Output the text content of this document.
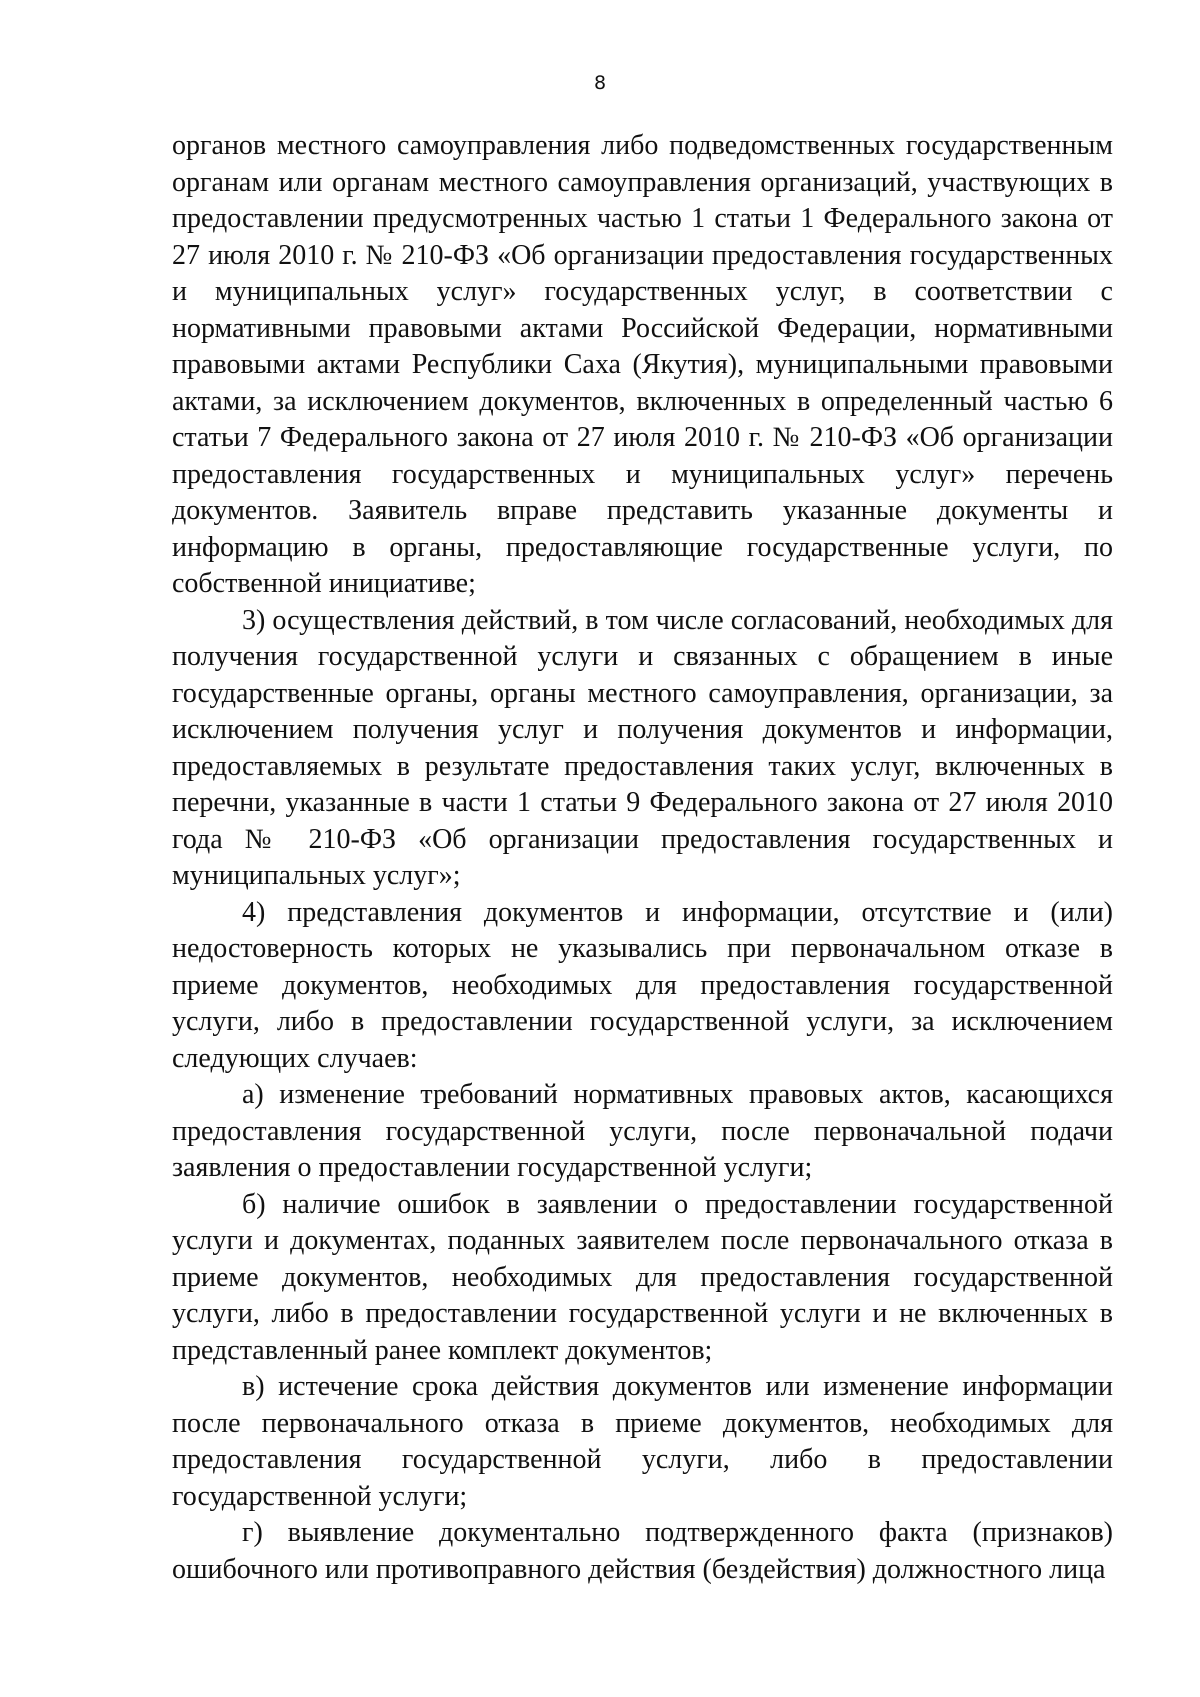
8

органов местного самоуправления либо подведомственных государственным органам или органам местного самоуправления организаций, участвующих в предоставлении предусмотренных частью 1 статьи 1 Федерального закона от 27 июля 2010 г. № 210-ФЗ «Об организации предоставления государственных и муниципальных услуг» государственных услуг, в соответствии с нормативными правовыми актами Российской Федерации, нормативными правовыми актами Республики Саха (Якутия), муниципальными правовыми актами, за исключением документов, включенных в определенный частью 6 статьи 7 Федерального закона от 27 июля 2010 г. № 210-ФЗ «Об организации предоставления государственных и муниципальных услуг» перечень документов. Заявитель вправе представить указанные документы и информацию в органы, предоставляющие государственные услуги, по собственной инициативе;

3) осуществления действий, в том числе согласований, необходимых для получения государственной услуги и связанных с обращением в иные государственные органы, органы местного самоуправления, организации, за исключением получения услуг и получения документов и информации, предоставляемых в результате предоставления таких услуг, включенных в перечни, указанные в части 1 статьи 9 Федерального закона от 27 июля 2010 года № 210-ФЗ «Об организации предоставления государственных и муниципальных услуг»;

4) представления документов и информации, отсутствие и (или) недостоверность которых не указывались при первоначальном отказе в приеме документов, необходимых для предоставления государственной услуги, либо в предоставлении государственной услуги, за исключением следующих случаев:

а) изменение требований нормативных правовых актов, касающихся предоставления государственной услуги, после первоначальной подачи заявления о предоставлении государственной услуги;

б) наличие ошибок в заявлении о предоставлении государственной услуги и документах, поданных заявителем после первоначального отказа в приеме документов, необходимых для предоставления государственной услуги, либо в предоставлении государственной услуги и не включенных в представленный ранее комплект документов;

в) истечение срока действия документов или изменение информации после первоначального отказа в приеме документов, необходимых для предоставления государственной услуги, либо в предоставлении государственной услуги;

г) выявление документально подтвержденного факта (признаков) ошибочного или противоправного действия (бездействия) должностного лица
